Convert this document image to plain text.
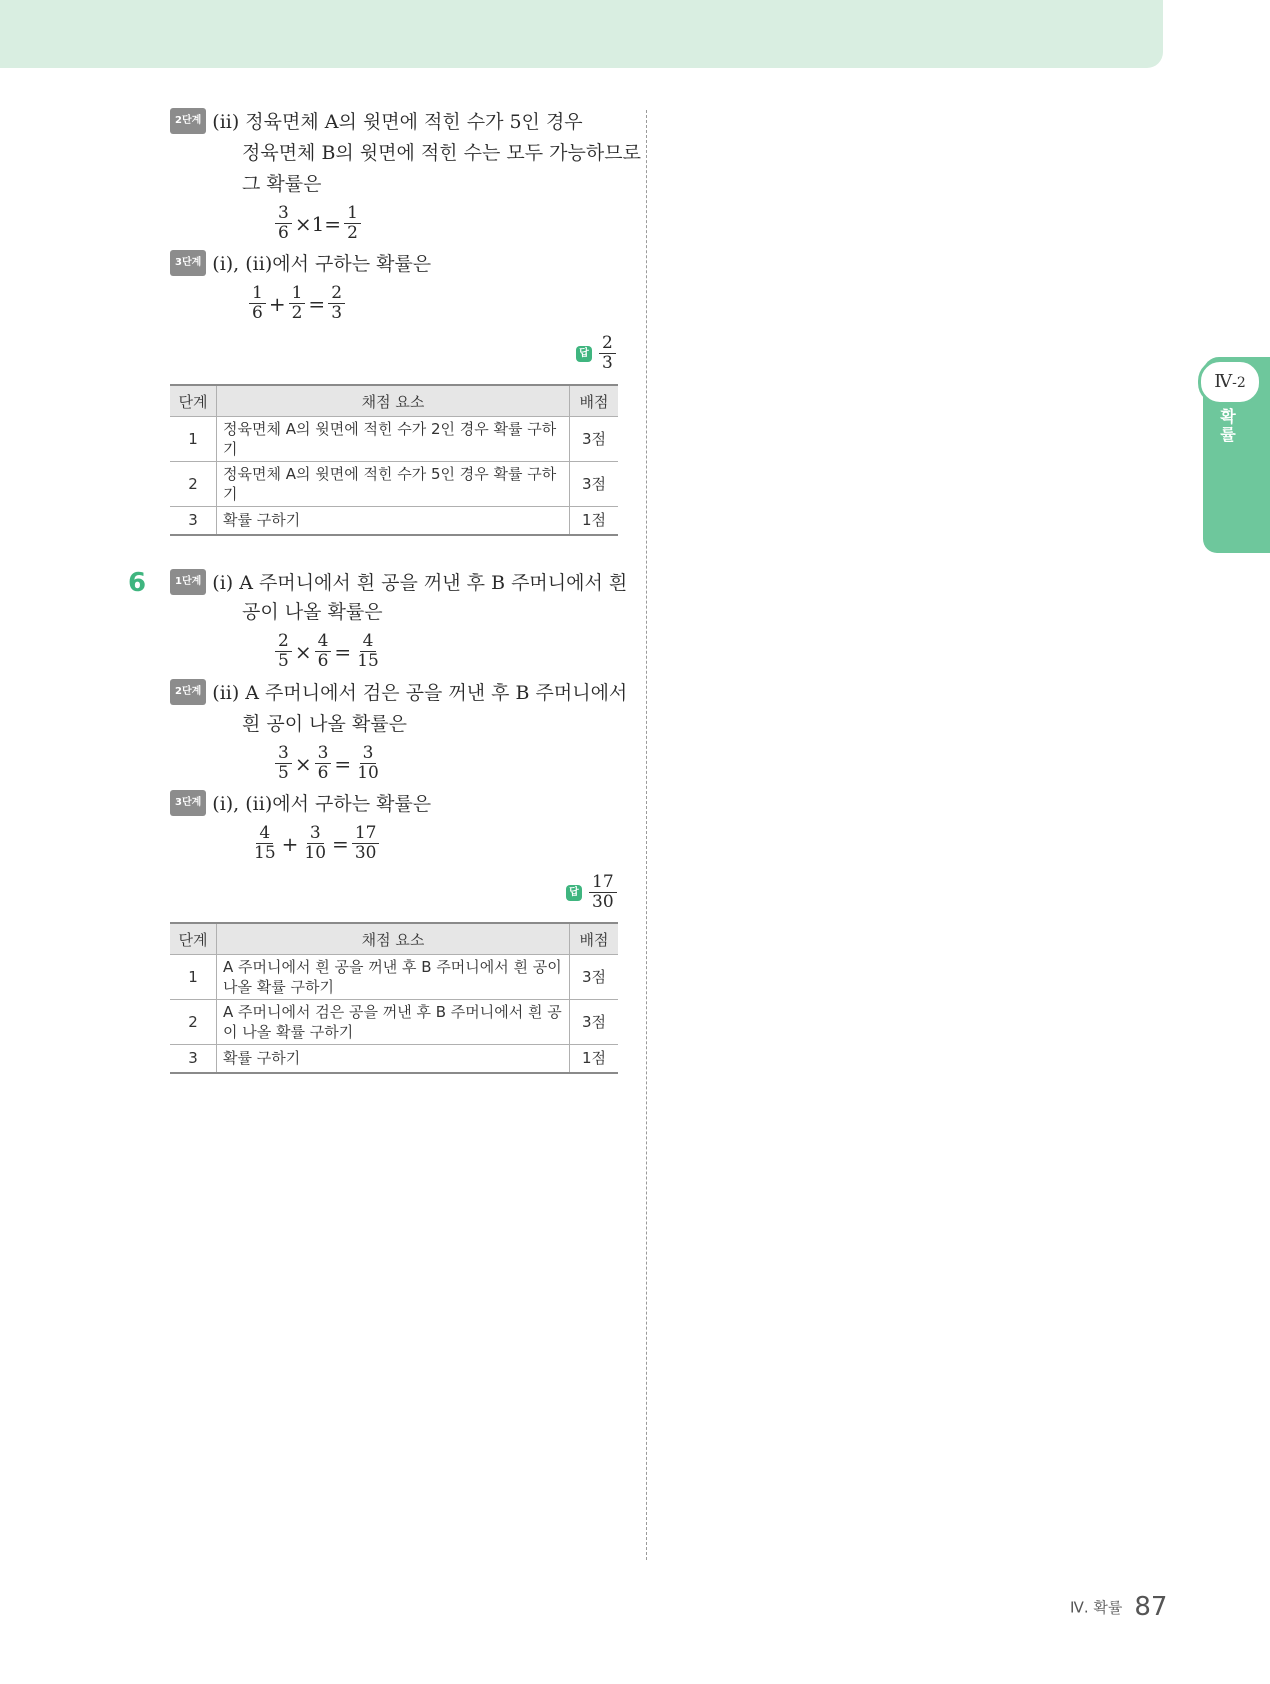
2단계 (ii) 정육면체 A의 윗면에 적힌 수가 5인 경우
정육면체 B의 윗면에 적힌 수는 모두 가능하므로
그 확률은
$\frac{3}{6} \times 1= \frac{1}{2}$
3단계 (i), (ii)에서 구하는 확률은
$\frac{1}{6} + \frac{1}{2} = \frac{2}{3}$
답 $\frac{2}{3}$
단계	채점 요소	배점
1	정육면체 A의 윗면에 적힌 수가 2인 경우 확률 구하기	3점
2	정육면체 A의 윗면에 적힌 수가 5인 경우 확률 구하기	3점
3	확률 구하기	1점
6	1단계 (i) A 주머니에서 흰 공을 꺼낸 후 B 주머니에서 흰
공이 나올 확률은
$\frac{2}{5} \times \frac{4}{6} = \frac{4}{15}$
2단계 (ii) A 주머니에서 검은 공을 꺼낸 후 B 주머니에서
흰 공이 나올 확률은
$\frac{3}{5} \times \frac{3}{6} = \frac{3}{10}$
3단계 (i), (ii)에서 구하는 확률은
$\frac{4}{15} + \frac{3}{10} = \frac{17}{30}$
답 $\frac{17}{30}$
단계	채점 요소	배점
1	A 주머니에서 흰 공을 꺼낸 후 B 주머니에서 흰 공이 나올 확률 구하기	3점
2	A 주머니에서 검은 공을 꺼낸 후 B 주머니에서 흰 공이 나올 확률 구하기	3점
3	확률 구하기	1점
Ⅳ-2
확률
Ⅳ. 확률 87
